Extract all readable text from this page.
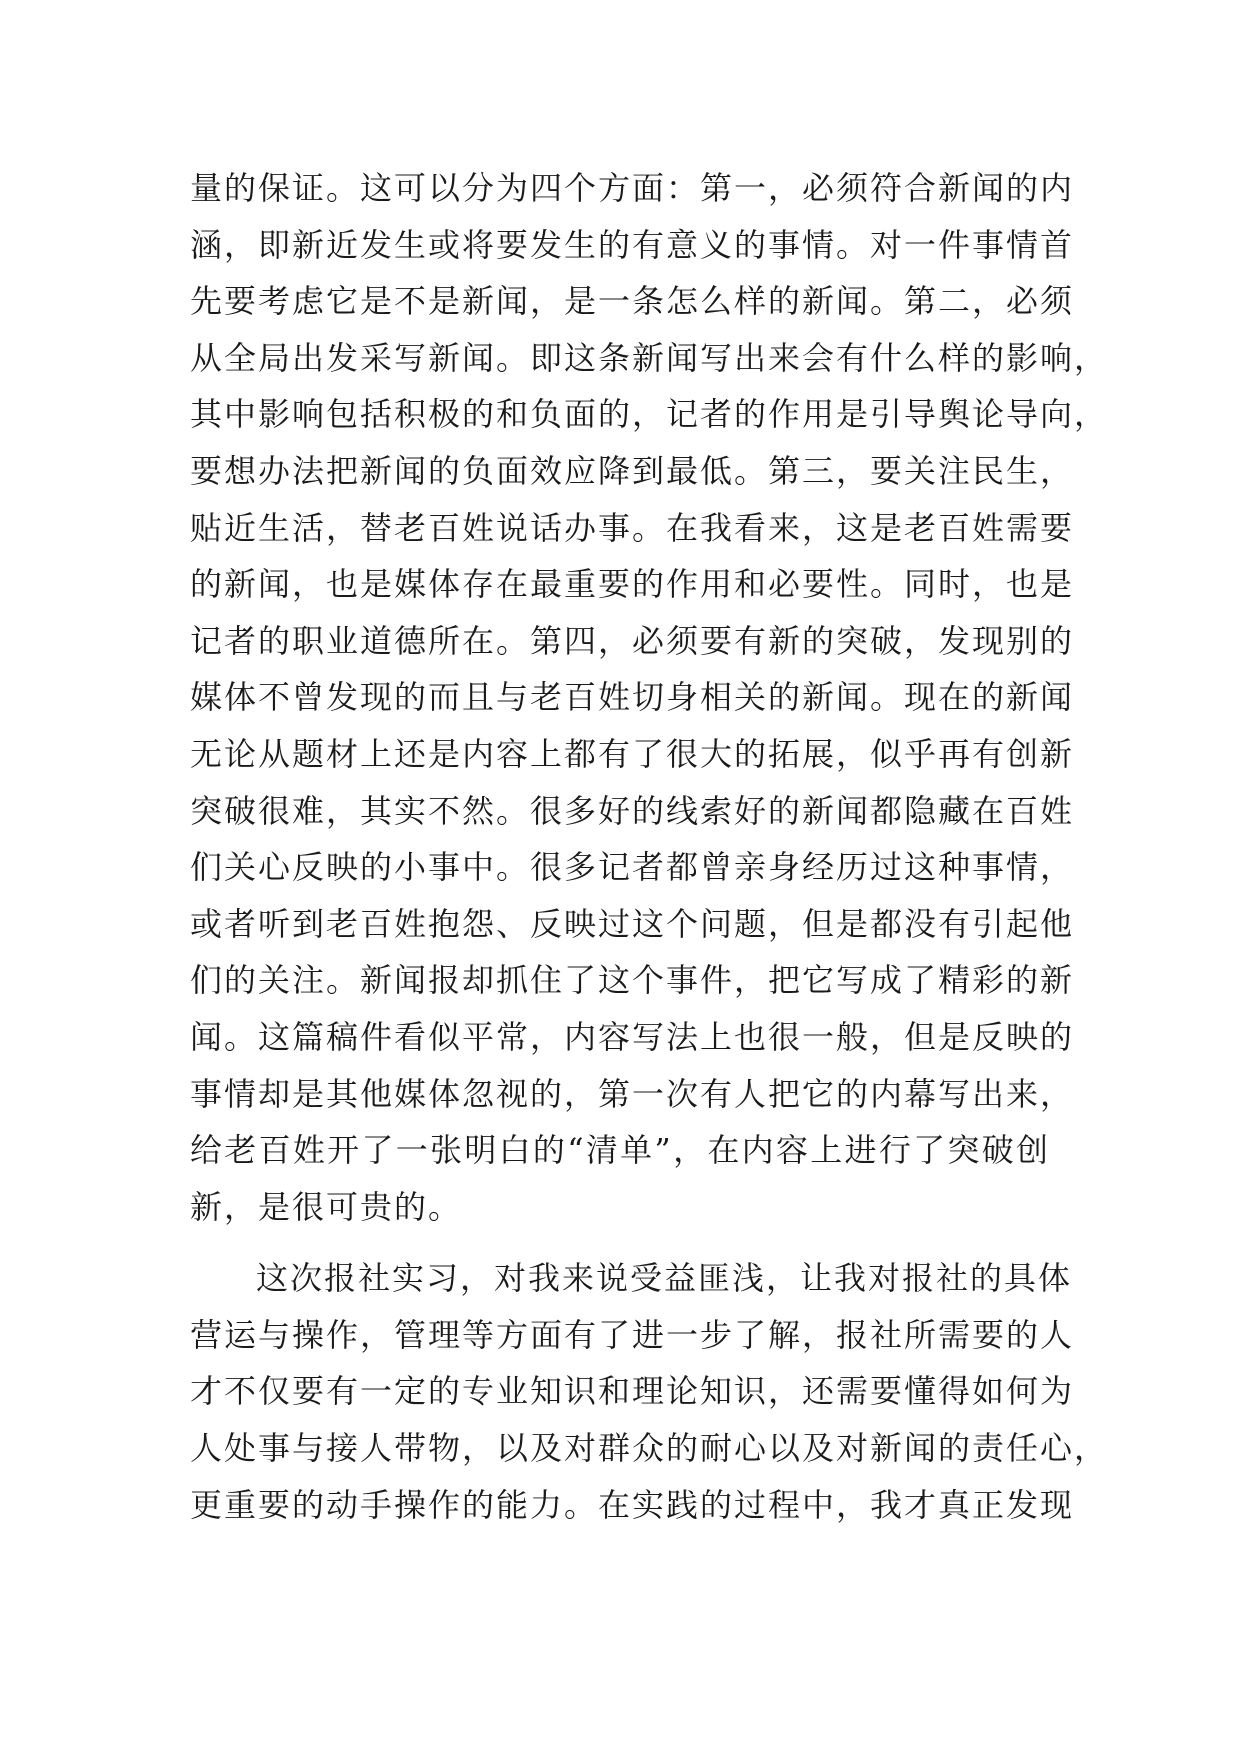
量的保证。这可以分为四个方面：第一，必须符合新闻的内
涵，即新近发生或将要发生的有意义的事情。对一件事情首
先要考虑它是不是新闻，是一条怎么样的新闻。第二，必须
从全局出发采写新闻。即这条新闻写出来会有什么样的影响，
其中影响包括积极的和负面的，记者的作用是引导舆论导向，
要想办法把新闻的负面效应降到最低。第三，要关注民生，
贴近生活，替老百姓说话办事。在我看来，这是老百姓需要
的新闻，也是媒体存在最重要的作用和必要性。同时，也是
记者的职业道德所在。第四，必须要有新的突破，发现别的
媒体不曾发现的而且与老百姓切身相关的新闻。现在的新闻
无论从题材上还是内容上都有了很大的拓展，似乎再有创新
突破很难，其实不然。很多好的线索好的新闻都隐藏在百姓
们关心反映的小事中。很多记者都曾亲身经历过这种事情，
或者听到老百姓抱怨、反映过这个问题，但是都没有引起他
们的关注。新闻报却抓住了这个事件，把它写成了精彩的新
闻。这篇稿件看似平常，内容写法上也很一般，但是反映的
事情却是其他媒体忽视的，第一次有人把它的内幕写出来，
给老百姓开了一张明白的“清单”，在内容上进行了突破创
新，是很可贵的。
这次报社实习，对我来说受益匪浅，让我对报社的具体
营运与操作，管理等方面有了进一步了解，报社所需要的人
才不仅要有一定的专业知识和理论知识，还需要懂得如何为
人处事与接人带物，以及对群众的耐心以及对新闻的责任心，
更重要的动手操作的能力。在实践的过程中，我才真正发现
